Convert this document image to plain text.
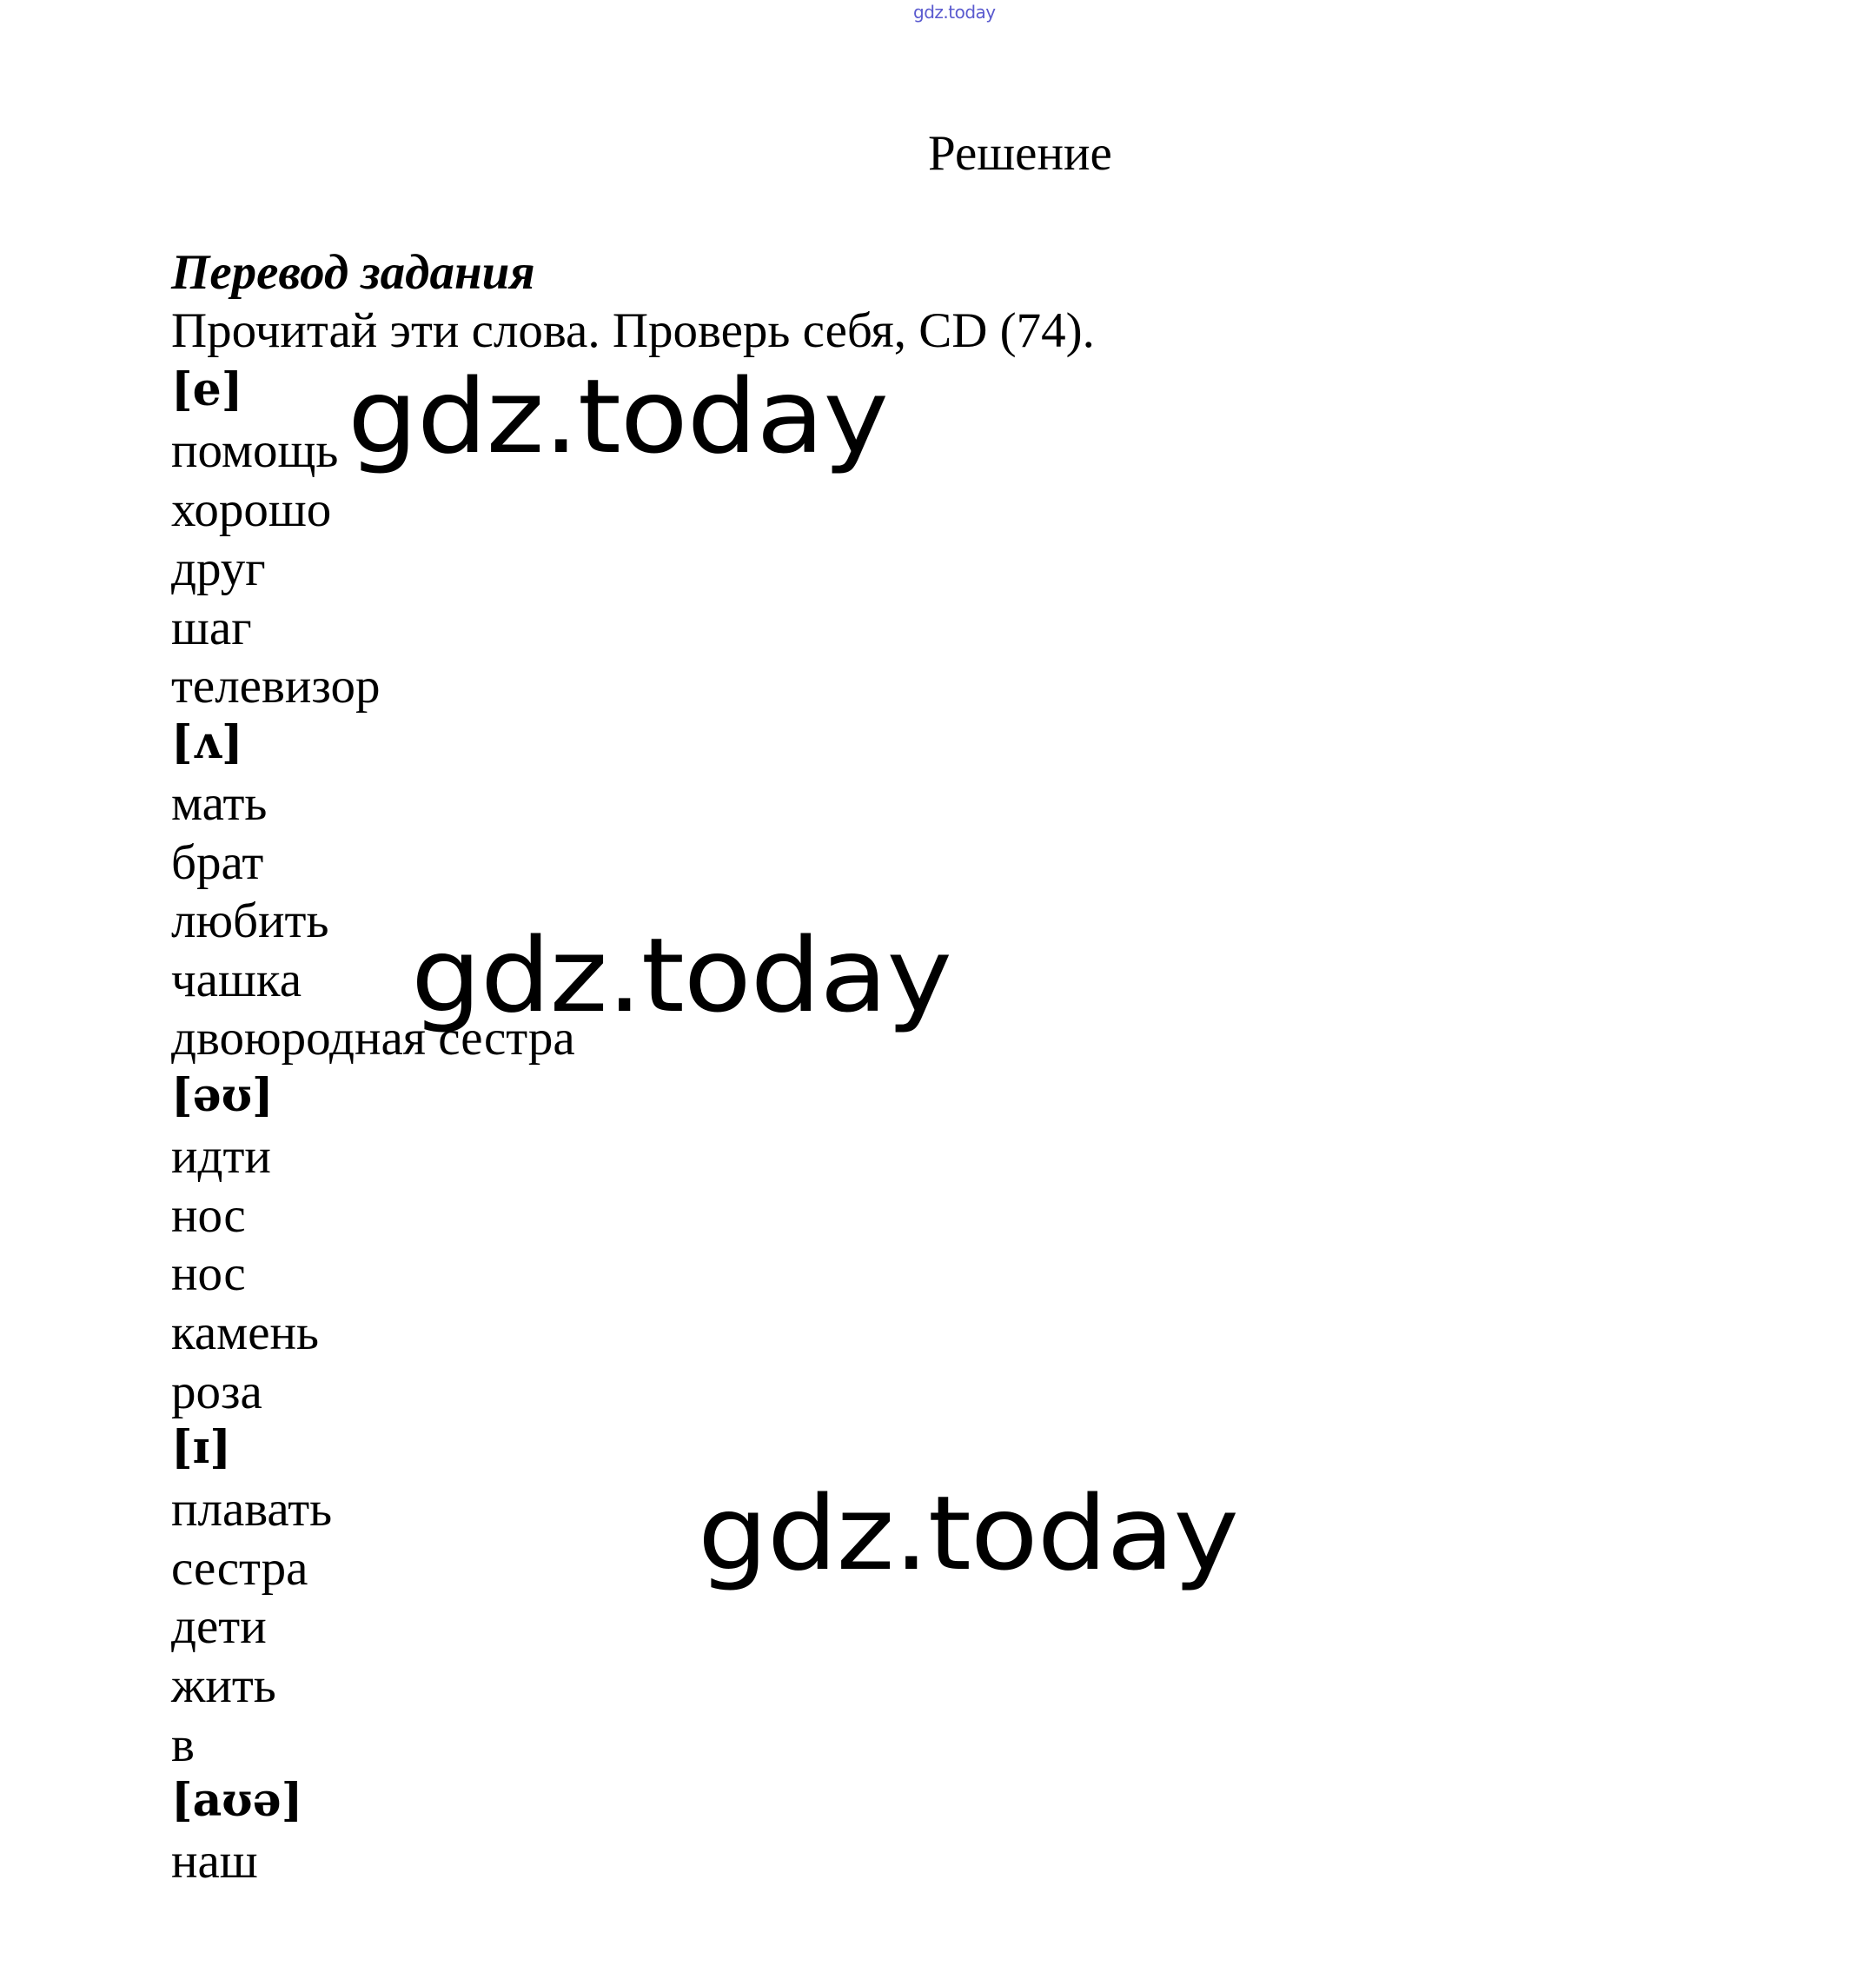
gdz.today
Решение
Перевод задания
Прочитай эти слова. Проверь себя, CD (74).
[e]
помощь
хорошо
друг
шаг
телевизор
[ʌ]
мать
брат
любить
чашка
двоюродная сестра
[əʊ]
идти
нос
нос
камень
роза
[ɪ]
плавать
сестра
дети
жить
в
[aʊə]
наш
gdz.today
gdz.today
gdz.today
